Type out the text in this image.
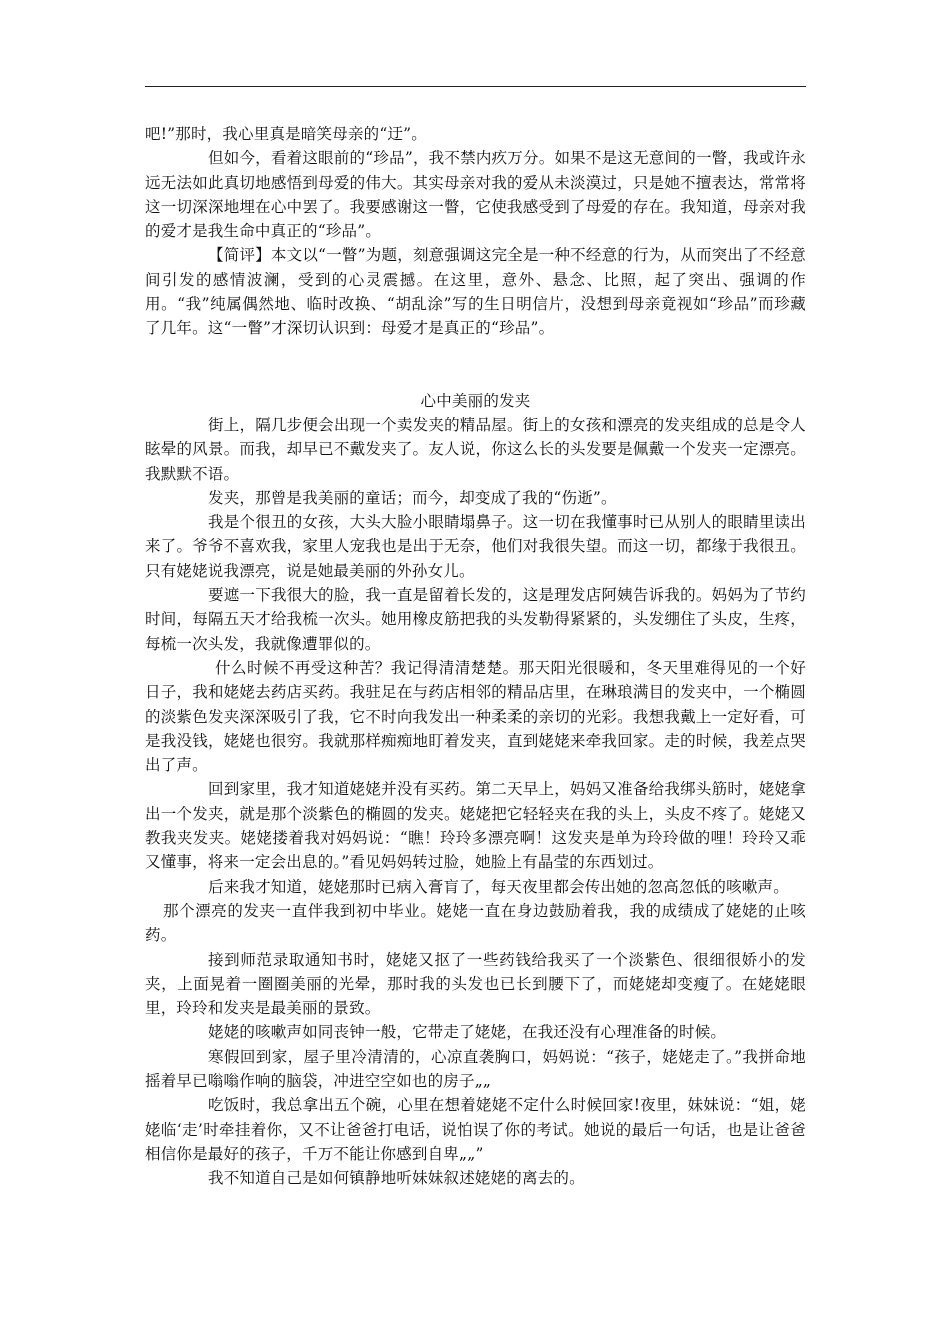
吧!”那时，我心里真是暗笑母亲的“迂”。

但如今，看着这眼前的“珍品”，我不禁内疚万分。如果不是这无意间的一瞥，我或许永远无法如此真切地感悟到母爱的伟大。其实母亲对我的爱从未淡漠过，只是她不擅表达，常常将这一切深深地埋在心中罢了。我要感谢这一瞥，它使我感受到了母爱的存在。我知道，母亲对我的爱才是我生命中真正的“珍品”。

【简评】本文以“一瞥”为题，刻意强调这完全是一种不经意的行为，从而突出了不经意间引发的感情波澜，受到的心灵震撼。在这里，意外、悬念、比照，起了突出、强调的作用。“我”纯属偶然地、临时改换、“胡乱涂”写的生日明信片，没想到母亲竟视如“珍品”而珍藏了几年。这“一瞥”才深切认识到：母爱才是真正的“珍品”。

心中美丽的发夹

街上，隔几步便会出现一个卖发夹的精品屋。街上的女孩和漂亮的发夹组成的总是令人眩晕的风景。而我，却早已不戴发夹了。友人说，你这么长的头发要是佩戴一个发夹一定漂亮。我默默不语。

发夹，那曾是我美丽的童话；而今，却变成了我的“伤逝”。

我是个很丑的女孩，大头大脸小眼睛塌鼻子。这一切在我懂事时已从别人的眼睛里读出来了。爷爷不喜欢我，家里人宠我也是出于无奈，他们对我很失望。而这一切，都缘于我很丑。只有姥姥说我漂亮，说是她最美丽的外孙女儿。

要遮一下我很大的脸，我一直是留着长发的，这是理发店阿姨告诉我的。妈妈为了节约时间，每隔五天才给我梳一次头。她用橡皮筋把我的头发勒得紧紧的，头发绷住了头皮，生疼，每梳一次头发，我就像遭罪似的。

什么时候不再受这种苦？我记得清清楚楚。那天阳光很暖和，冬天里难得见的一个好日子，我和姥姥去药店买药。我驻足在与药店相邻的精品店里，在琳琅满目的发夹中，一个椭圆的淡紫色发夹深深吸引了我，它不时向我发出一种柔柔的亲切的光彩。我想我戴上一定好看，可是我没钱，姥姥也很穷。我就那样痴痴地盯着发夹，直到姥姥来牵我回家。走的时候，我差点哭出了声。

回到家里，我才知道姥姥并没有买药。第二天早上，妈妈又准备给我绑头筋时，姥姥拿出一个发夹，就是那个淡紫色的椭圆的发夹。姥姥把它轻轻夹在我的头上，头皮不疼了。姥姥又教我夹发夹。姥姥搂着我对妈妈说：“瞧！玲玲多漂亮啊！这发夹是单为玲玲做的哩！玲玲又乖又懂事，将来一定会出息的。”看见妈妈转过脸，她脸上有晶莹的东西划过。

后来我才知道，姥姥那时已病入膏肓了，每天夜里都会传出她的忽高忽低的咳嗽声。

那个漂亮的发夹一直伴我到初中毕业。姥姥一直在身边鼓励着我，我的成绩成了姥姥的止咳药。

接到师范录取通知书时，姥姥又抠了一些药钱给我买了一个淡紫色、很细很娇小的发夹，上面晃着一圈圈美丽的光晕，那时我的头发也已长到腰下了，而姥姥却变瘦了。在姥姥眼里，玲玲和发夹是最美丽的景致。

姥姥的咳嗽声如同丧钟一般，它带走了姥姥，在我还没有心理准备的时候。

寒假回到家，屋子里冷清清的，心凉直袭胸口，妈妈说：“孩子，姥姥走了。”我拼命地摇着早已嗡嗡作响的脑袋，冲进空空如也的房子„„

吃饭时，我总拿出五个碗，心里在想着姥姥不定什么时候回家!夜里，妹妹说：“姐，姥姥临‘走’时牵挂着你，又不让爸爸打电话，说怕误了你的考试。她说的最后一句话，也是让爸爸相信你是最好的孩子，千万不能让你感到自卑„„”

我不知道自己是如何镇静地听妹妹叙述姥姥的离去的。
